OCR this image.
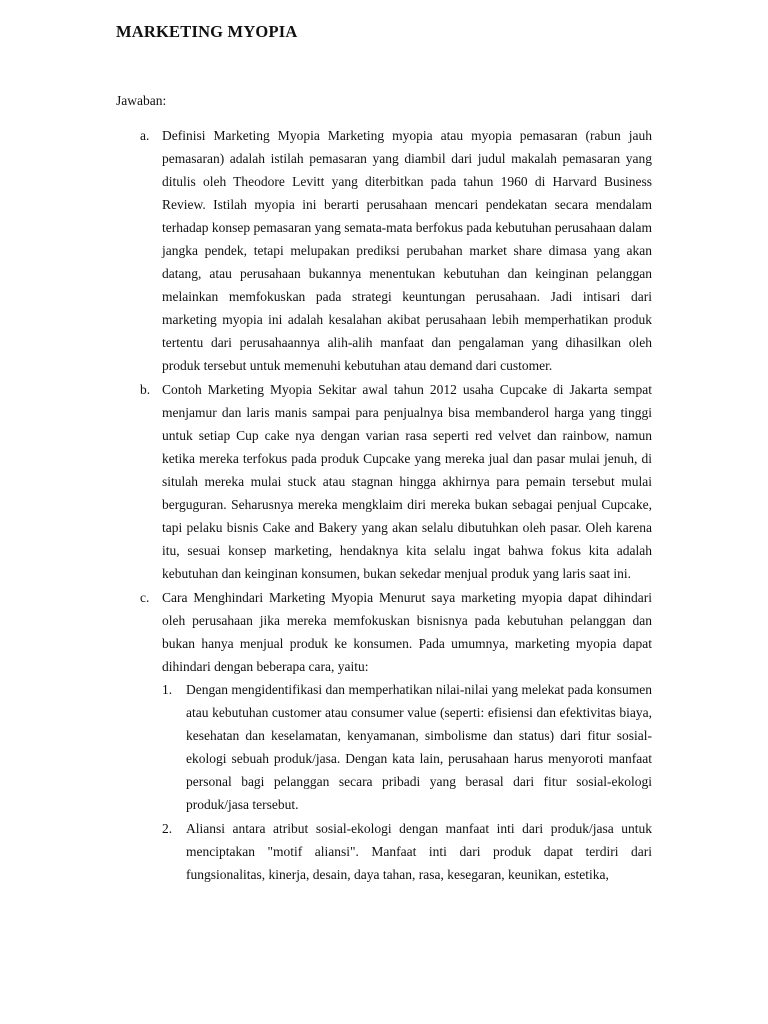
MARKETING MYOPIA
Jawaban:
a. Definisi Marketing Myopia Marketing myopia atau myopia pemasaran (rabun jauh pemasaran) adalah istilah pemasaran yang diambil dari judul makalah pemasaran yang ditulis oleh Theodore Levitt yang diterbitkan pada tahun 1960 di Harvard Business Review. Istilah myopia ini berarti perusahaan mencari pendekatan secara mendalam terhadap konsep pemasaran yang semata-mata berfokus pada kebutuhan perusahaan dalam jangka pendek, tetapi melupakan prediksi perubahan market share dimasa yang akan datang, atau perusahaan bukannya menentukan kebutuhan dan keinginan pelanggan melainkan memfokuskan pada strategi keuntungan perusahaan. Jadi intisari dari marketing myopia ini adalah kesalahan akibat perusahaan lebih memperhatikan produk tertentu dari perusahaannya alih-alih manfaat dan pengalaman yang dihasilkan oleh produk tersebut untuk memenuhi kebutuhan atau demand dari customer.

b. Contoh Marketing Myopia Sekitar awal tahun 2012 usaha Cupcake di Jakarta sempat menjamur dan laris manis sampai para penjualnya bisa membanderol harga yang tinggi untuk setiap Cup cake nya dengan varian rasa seperti red velvet dan rainbow, namun ketika mereka terfokus pada produk Cupcake yang mereka jual dan pasar mulai jenuh, di situlah mereka mulai stuck atau stagnan hingga akhirnya para pemain tersebut mulai berguguran. Seharusnya mereka mengklaim diri mereka bukan sebagai penjual Cupcake, tapi pelaku bisnis Cake and Bakery yang akan selalu dibutuhkan oleh pasar. Oleh karena itu, sesuai konsep marketing, hendaknya kita selalu ingat bahwa fokus kita adalah kebutuhan dan keinginan konsumen, bukan sekedar menjual produk yang laris saat ini.

c. Cara Menghindari Marketing Myopia Menurut saya marketing myopia dapat dihindari oleh perusahaan jika mereka memfokuskan bisnisnya pada kebutuhan pelanggan dan bukan hanya menjual produk ke konsumen. Pada umumnya, marketing myopia dapat dihindari dengan beberapa cara, yaitu:

1. Dengan mengidentifikasi dan memperhatikan nilai-nilai yang melekat pada konsumen atau kebutuhan customer atau consumer value (seperti: efisiensi dan efektivitas biaya, kesehatan dan keselamatan, kenyamanan, simbolisme dan status) dari fitur sosial-ekologi sebuah produk/jasa. Dengan kata lain, perusahaan harus menyoroti manfaat personal bagi pelanggan secara pribadi yang berasal dari fitur sosial-ekologi produk/jasa tersebut.

2. Aliansi antara atribut sosial-ekologi dengan manfaat inti dari produk/jasa untuk menciptakan "motif aliansi". Manfaat inti dari produk dapat terdiri dari fungsionalitas, kinerja, desain, daya tahan, rasa, kesegaran, keunikan, estetika,
